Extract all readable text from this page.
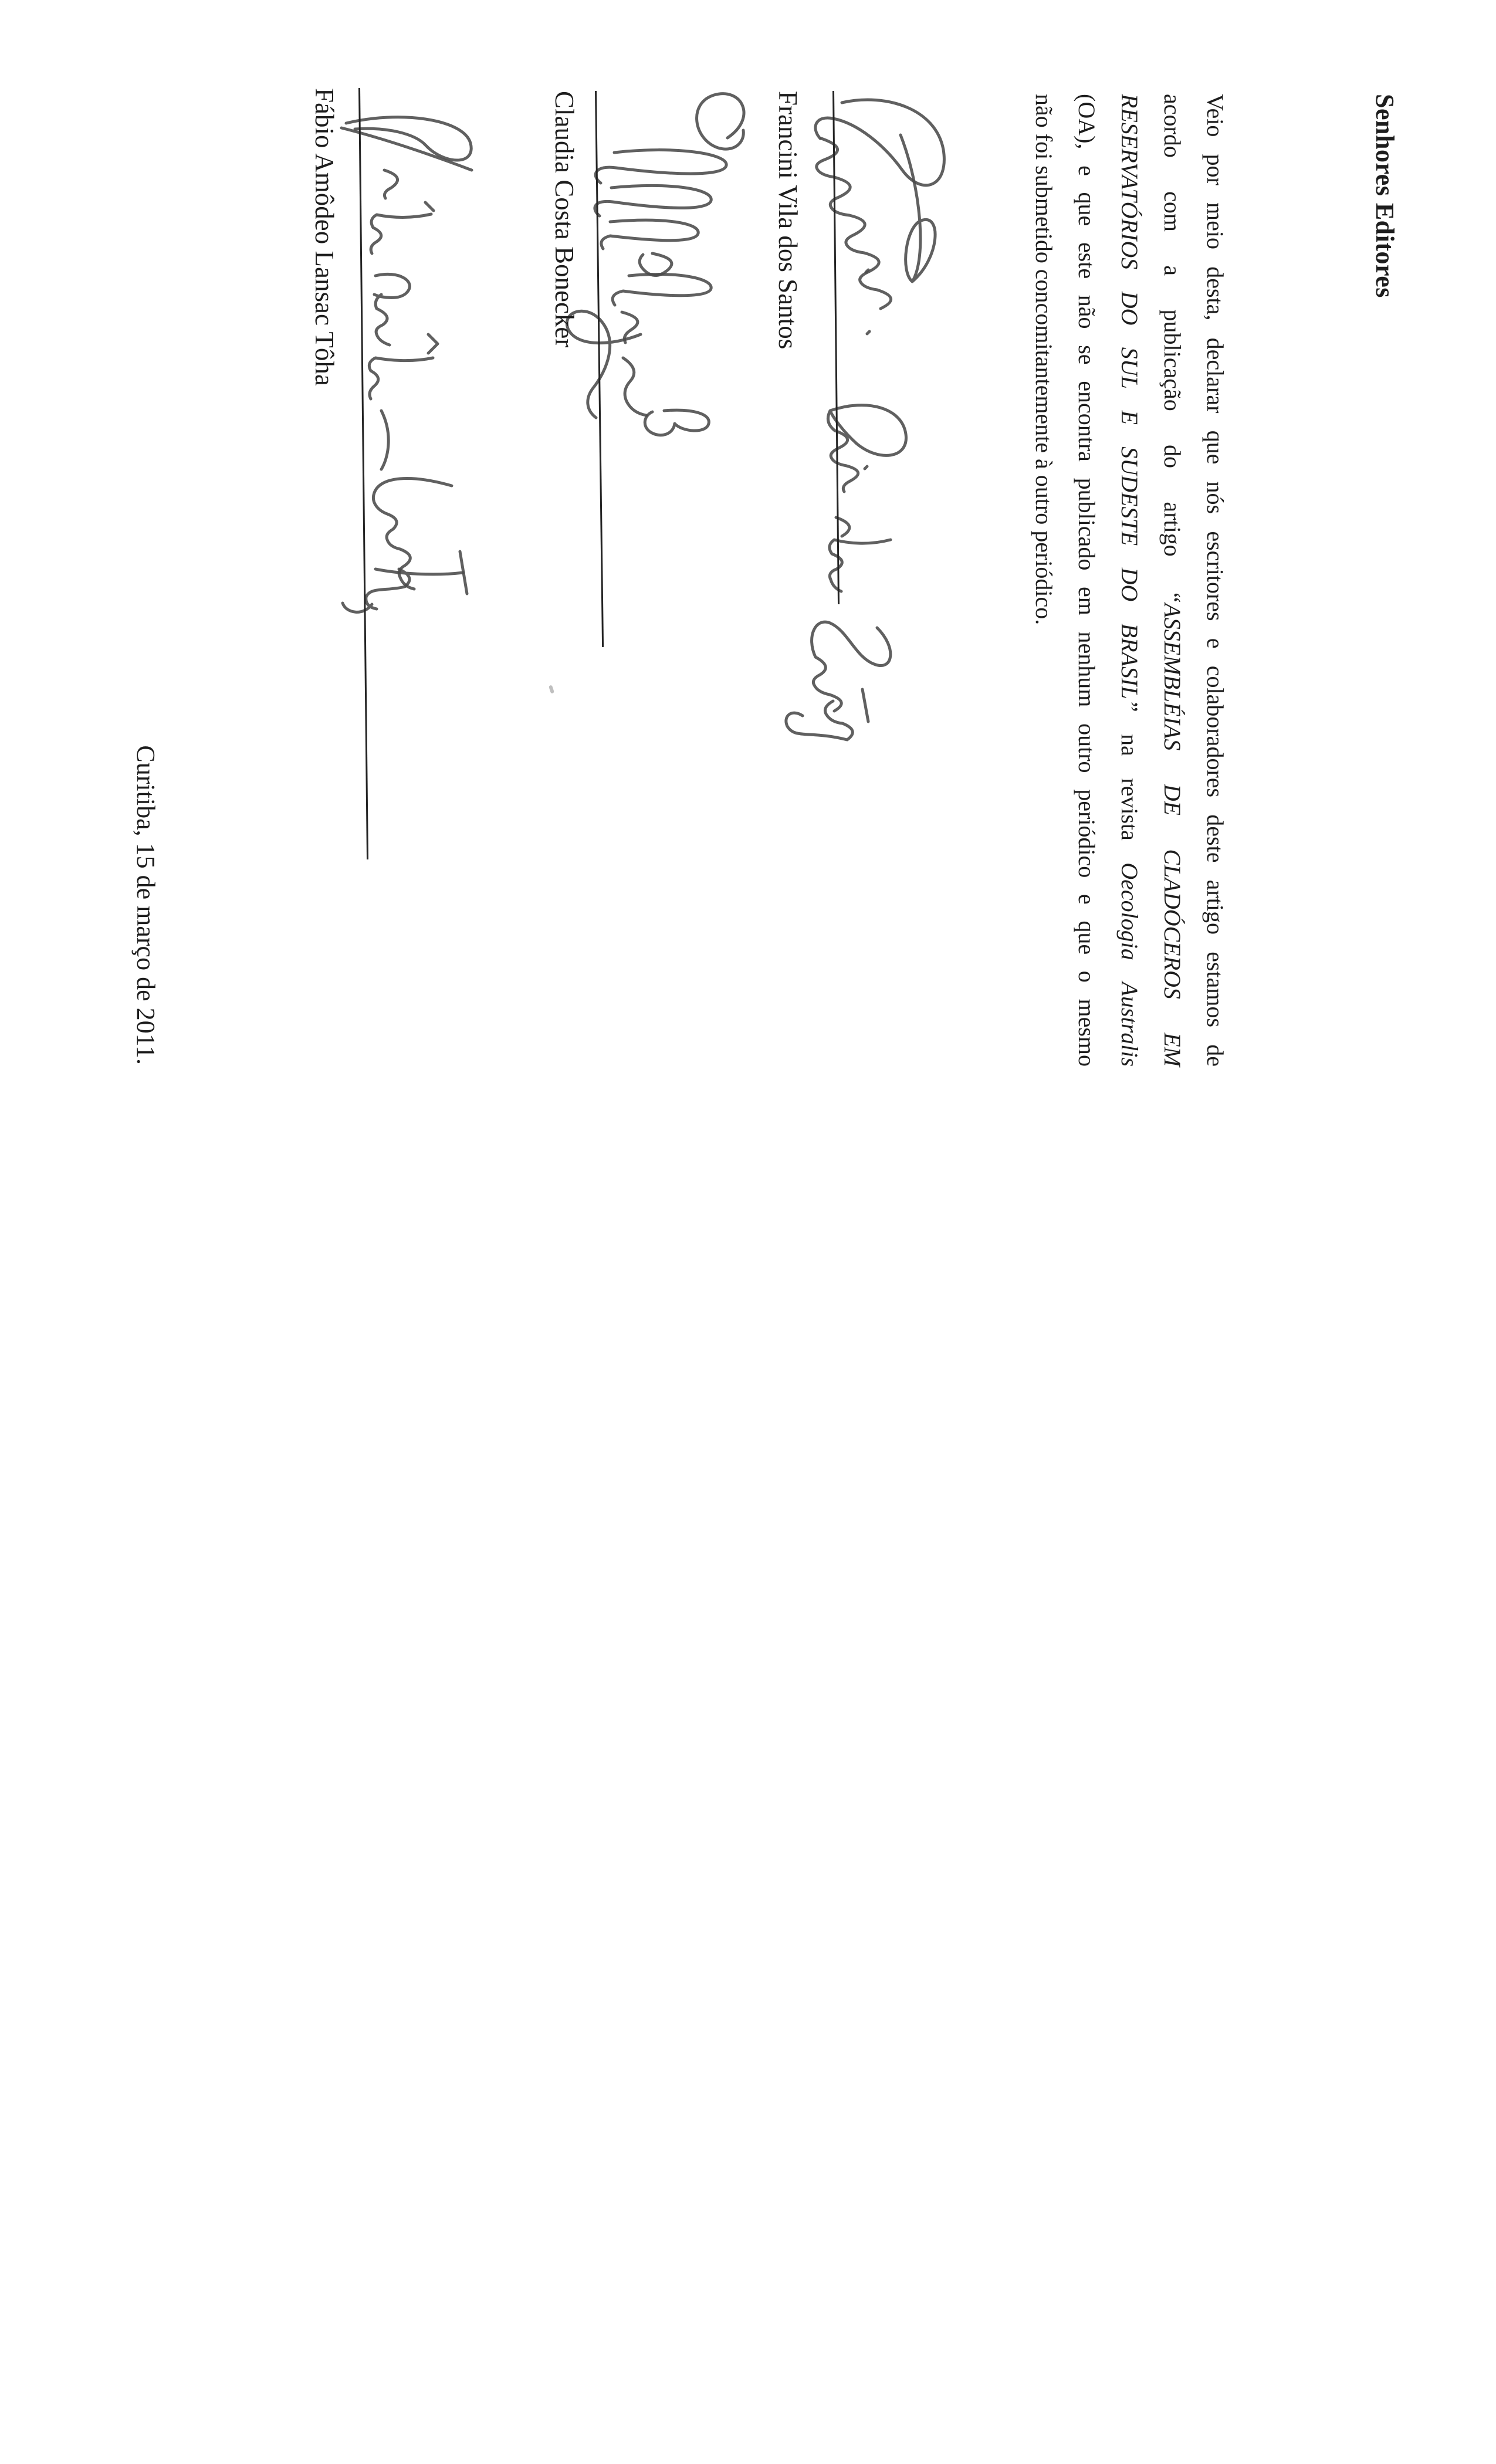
Senhores Editores
Veio por meio desta, declarar que nós escritores e colaboradores deste artigo estamos de
acordo com a publicação do artigo “ASSEMBLÉIAS DE CLADÓCEROS EM
RESERVATÓRIOS DO SUL E SUDESTE DO BRASIL” na revista Oecologia Australis
(OA), e que este não se encontra publicado em nenhum outro periódico e que o mesmo
não foi submetido concomitantemente à outro periódico.
Francini Vila dos Santos
Claudia Costa Bonecker
Fábio Amôdeo Lansac Tôha
Curitiba, 15 de março de 2011.
